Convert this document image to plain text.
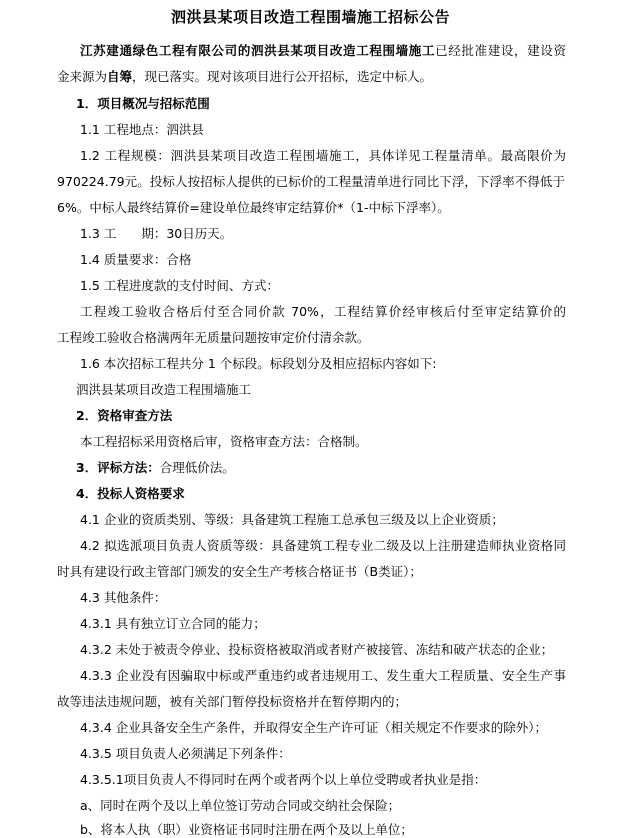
泗洪县某项目改造工程围墙施工招标公告
江苏建通绿色工程有限公司的泗洪县某项目改造工程围墙施工已经批准建设，建设资
金来源为自筹，现已落实。现对该项目进行公开招标，选定中标人。
1．项目概况与招标范围
1.1 工程地点：泗洪县
1.2 工程规模：泗洪县某项目改造工程围墙施工，具体详见工程量清单。最高限价为
970224.79元。投标人按招标人提供的已标价的工程量清单进行同比下浮，下浮率不得低于
6%。中标人最终结算价=建设单位最终审定结算价*（1-中标下浮率）。
1.3 工　　期：30日历天。
1.4 质量要求：合格
1.5 工程进度款的支付时间、方式：
工程竣工验收合格后付至合同价款 70%，工程结算价经审核后付至审定结算价的
工程竣工验收合格满两年无质量问题按审定价付清余款。
1.6 本次招标工程共分 1 个标段。标段划分及相应招标内容如下:
泗洪县某项目改造工程围墙施工
2．资格审查方法
本工程招标采用资格后审，资格审查方法：合格制。
3．评标方法：合理低价法。
4．投标人资格要求
4.1 企业的资质类别、等级：具备建筑工程施工总承包三级及以上企业资质；
4.2 拟选派项目负责人资质等级：具备建筑工程专业二级及以上注册建造师执业资格同
时具有建设行政主管部门颁发的安全生产考核合格证书（B类证）；
4.3 其他条件：
4.3.1 具有独立订立合同的能力；
4.3.2 未处于被责令停业、投标资格被取消或者财产被接管、冻结和破产状态的企业；
4.3.3 企业没有因骗取中标或严重违约或者违规用工、发生重大工程质量、安全生产事
故等违法违规问题，被有关部门暂停投标资格并在暂停期内的；
4.3.4 企业具备安全生产条件，并取得安全生产许可证（相关规定不作要求的除外）；
4.3.5 项目负责人必须满足下列条件：
4.3.5.1项目负责人不得同时在两个或者两个以上单位受聘或者执业是指：
a、同时在两个及以上单位签订劳动合同或交纳社会保险；
b、将本人执（职）业资格证书同时注册在两个及以上单位；
